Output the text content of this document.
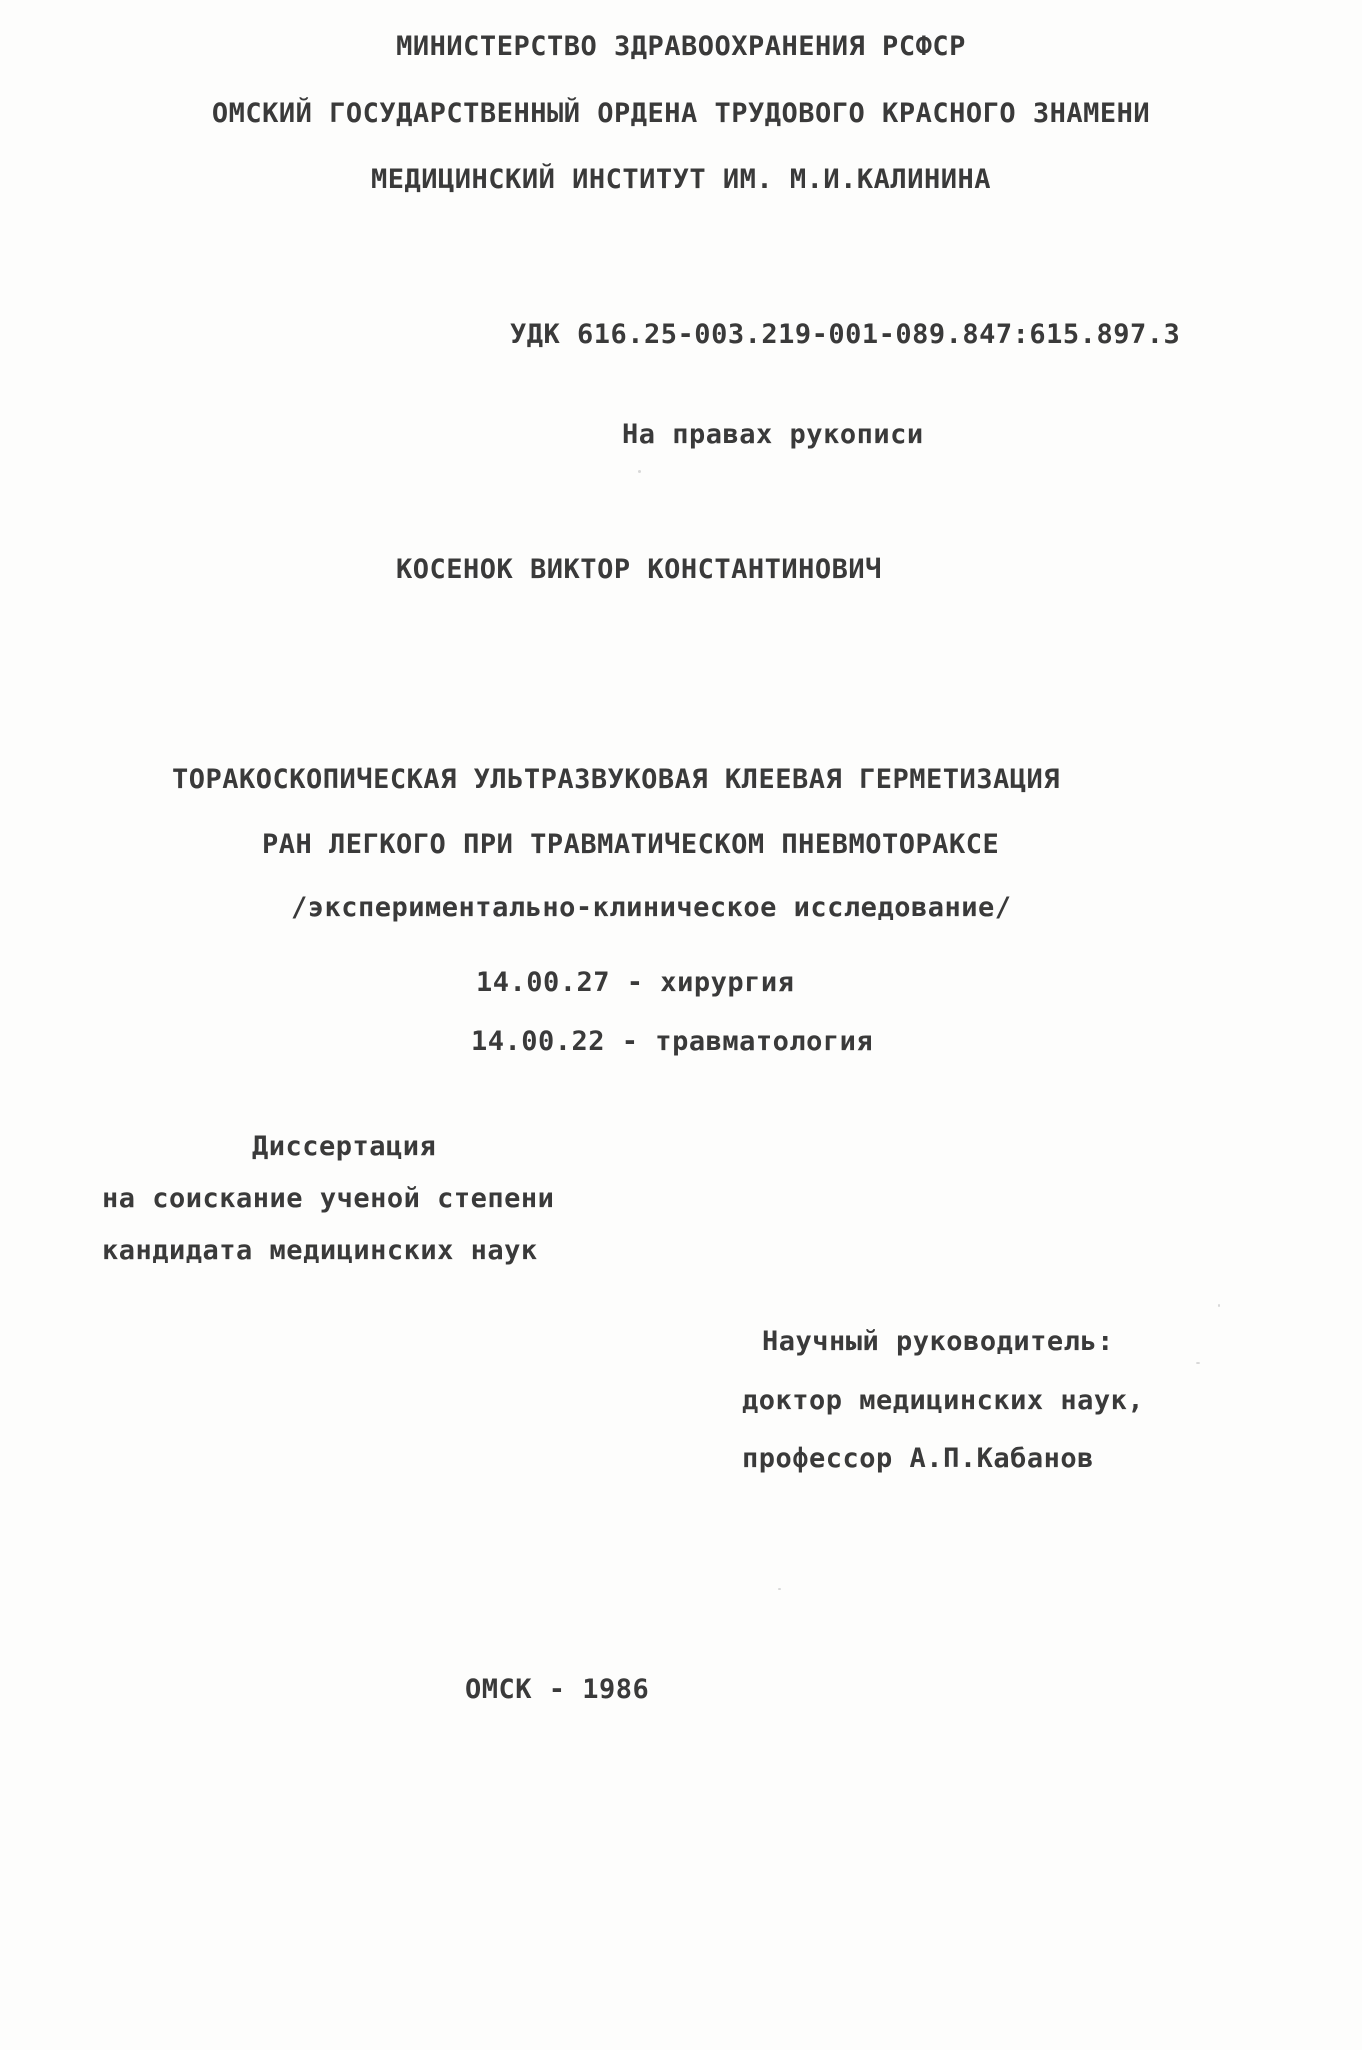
МИНИСТЕРСТВО ЗДРАВООХРАНЕНИЯ РСФСР
ОМСКИЙ ГОСУДАРСТВЕННЫЙ ОРДЕНА ТРУДОВОГО КРАСНОГО ЗНАМЕНИ
МЕДИЦИНСКИЙ ИНСТИТУТ ИМ. М.И.КАЛИНИНА
УДК 616.25-003.219-001-089.847:615.897.3
На правах рукописи
КОСЕНОК ВИКТОР КОНСТАНТИНОВИЧ
ТОРАКОСКОПИЧЕСКАЯ УЛЬТРАЗВУКОВАЯ КЛЕЕВАЯ ГЕРМЕТИЗАЦИЯ
РАН ЛЕГКОГО ПРИ ТРАВМАТИЧЕСКОМ ПНЕВМОТОРАКСЕ
/экспериментально-клиническое исследование/
14.00.27 - хирургия
14.00.22 - травматология
Диссертация
на соискание ученой степени
кандидата медицинских наук
Научный руководитель:
доктор медицинских наук,
профессор А.П.Кабанов
ОМСК - 1986
